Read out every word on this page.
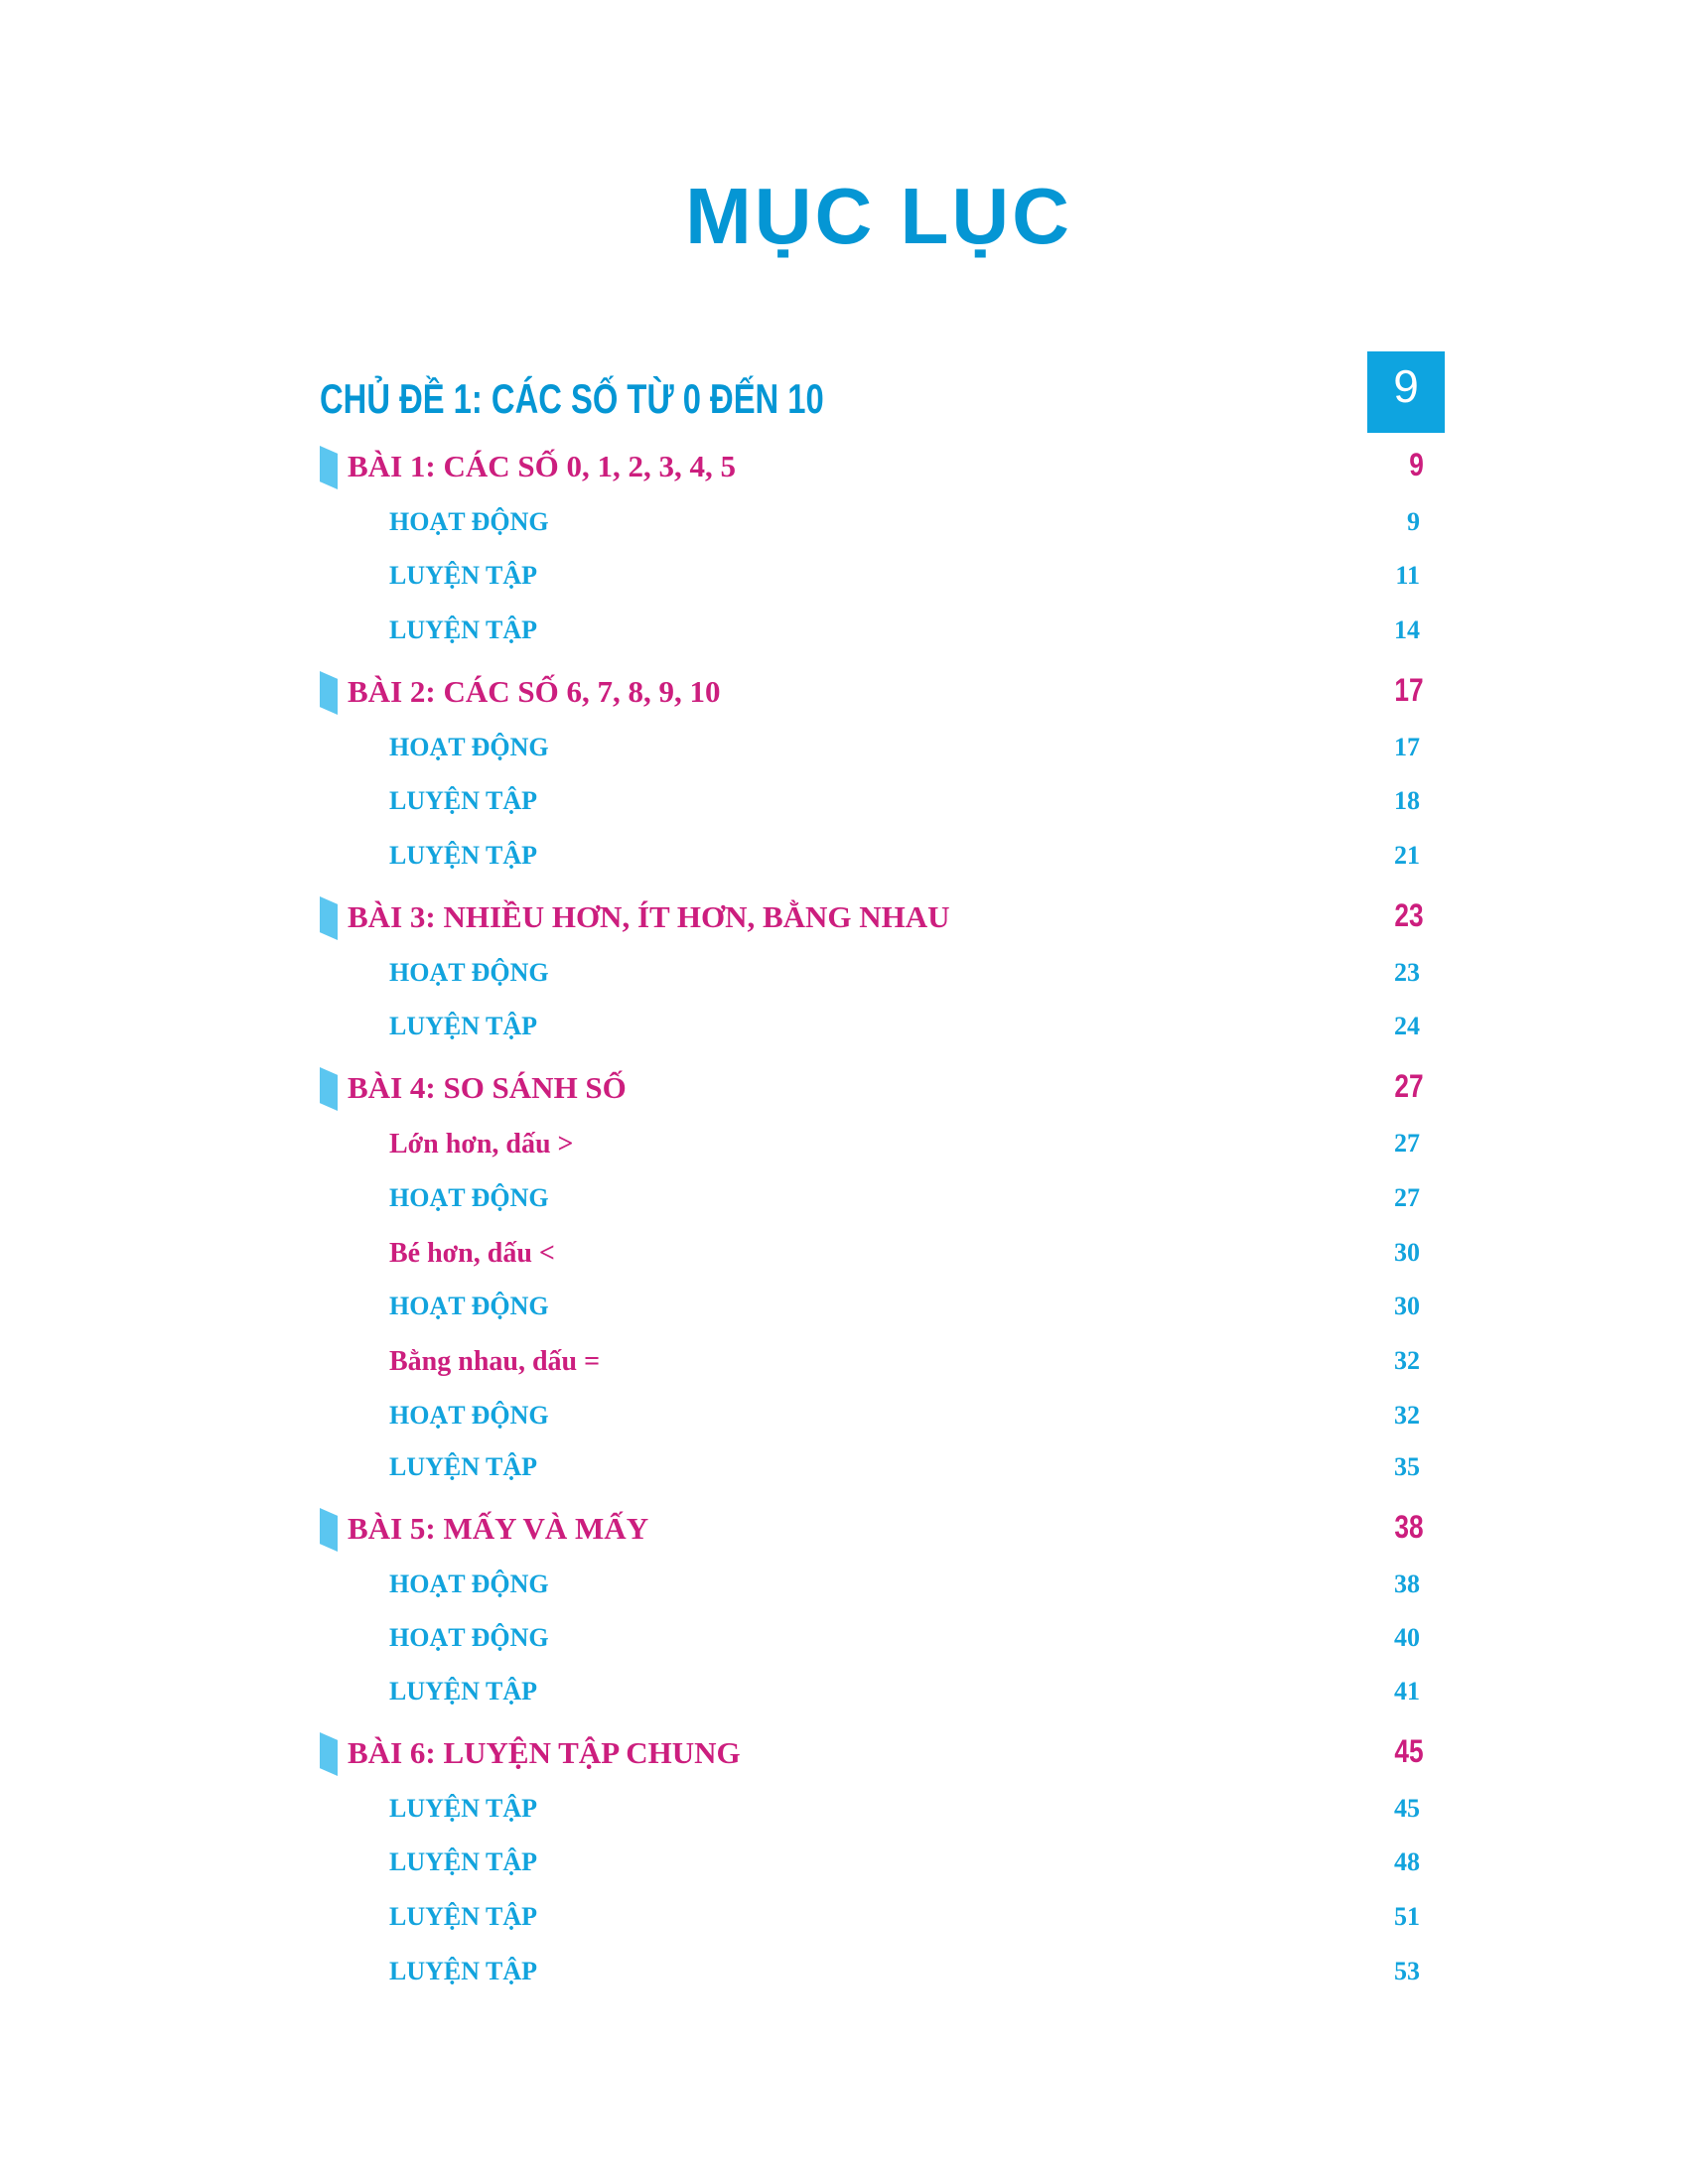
MỤC LỤC
CHỦ ĐỀ 1: CÁC SỐ TỪ 0 ĐẾN 10	9
BÀI 1: CÁC SỐ 0, 1, 2, 3, 4, 5	9
HOẠT ĐỘNG	9
LUYỆN TẬP	11
LUYỆN TẬP	14
BÀI 2: CÁC SỐ 6, 7, 8, 9, 10	17
HOẠT ĐỘNG	17
LUYỆN TẬP	18
LUYỆN TẬP	21
BÀI 3: NHIỀU HƠN, ÍT HƠN, BẰNG NHAU	23
HOẠT ĐỘNG	23
LUYỆN TẬP	24
BÀI 4: SO SÁNH SỐ	27
Lớn hơn, dấu >	27
HOẠT ĐỘNG	27
Bé hơn, dấu <	30
HOẠT ĐỘNG	30
Bằng nhau, dấu =	32
HOẠT ĐỘNG	32
LUYỆN TẬP	35
BÀI 5: MẤY VÀ MẤY	38
HOẠT ĐỘNG	38
HOẠT ĐỘNG	40
LUYỆN TẬP	41
BÀI 6: LUYỆN TẬP CHUNG	45
LUYỆN TẬP	45
LUYỆN TẬP	48
LUYỆN TẬP	51
LUYỆN TẬP	53
